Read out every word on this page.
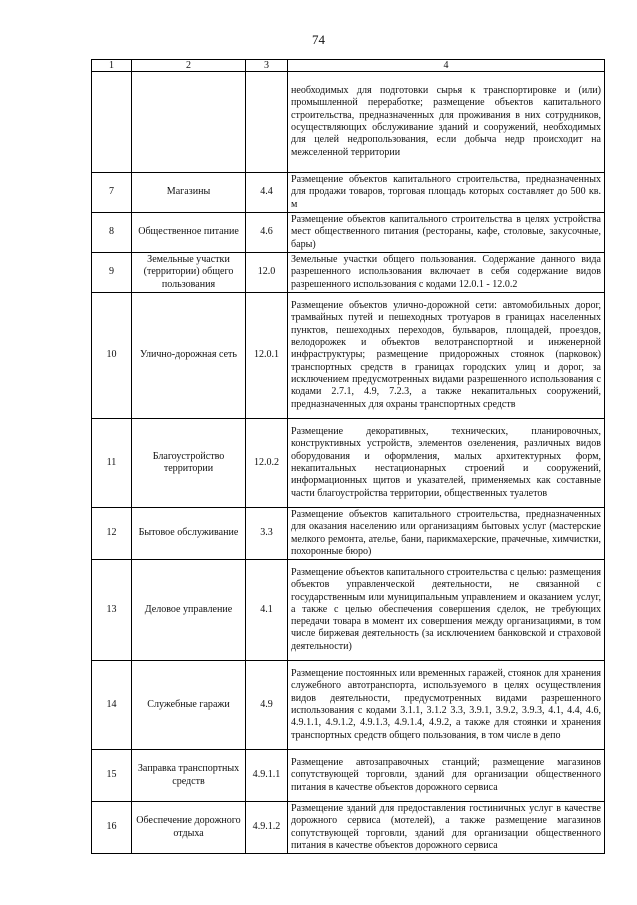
74
1	2	3	4
			необходимых для подготовки сырья к транспортировке и (или) промышленной переработке; размещение объектов капитального строительства, предназначенных для проживания в них сотрудников, осуществляющих обслуживание зданий и сооружений, необходимых для целей недропользования, если добыча недр происходит на межселенной территории
7	Магазины	4.4	Размещение объектов капитального строительства, предназначенных для продажи товаров, торговая площадь которых составляет до 500 кв. м
8	Общественное питание	4.6	Размещение объектов капитального строительства в целях устройства мест общественного питания (рестораны, кафе, столовые, закусочные, бары)
9	Земельные участки (территории) общего пользования	12.0	Земельные участки общего пользования. Содержание данного вида разрешенного использования включает в себя содержание видов разрешенного использования с кодами 12.0.1 - 12.0.2
10	Улично-дорожная сеть	12.0.1	Размещение объектов улично-дорожной сети: автомобильных дорог, трамвайных путей и пешеходных тротуаров в границах населенных пунктов, пешеходных переходов, бульваров, площадей, проездов, велодорожек и объектов велотранспортной и инженерной инфраструктуры; размещение придорожных стоянок (парковок) транспортных средств в границах городских улиц и дорог, за исключением предусмотренных видами разрешенного использования с кодами 2.7.1, 4.9, 7.2.3, а также некапитальных сооружений, предназначенных для охраны транспортных средств
11	Благоустройство территории	12.0.2	Размещение декоративных, технических, планировочных, конструктивных устройств, элементов озеленения, различных видов оборудования и оформления, малых архитектурных форм, некапитальных нестационарных строений и сооружений, информационных щитов и указателей, применяемых как составные части благоустройства территории, общественных туалетов
12	Бытовое обслуживание	3.3	Размещение объектов капитального строительства, предназначенных для оказания населению или организациям бытовых услуг (мастерские мелкого ремонта, ателье, бани, парикмахерские, прачечные, химчистки, похоронные бюро)
13	Деловое управление	4.1	Размещение объектов капитального строительства с целью: размещения объектов управленческой деятельности, не связанной с государственным или муниципальным управлением и оказанием услуг, а также с целью обеспечения совершения сделок, не требующих передачи товара в момент их совершения между организациями, в том числе биржевая деятельность (за исключением банковской и страховой деятельности)
14	Служебные гаражи	4.9	Размещение постоянных или временных гаражей, стоянок для хранения служебного автотранспорта, используемого в целях осуществления видов деятельности, предусмотренных видами разрешенного использования с кодами 3.1.1, 3.1.2 3.3, 3.9.1, 3.9.2, 3.9.3, 4.1, 4.4, 4.6, 4.9.1.1, 4.9.1.2, 4.9.1.3, 4.9.1.4, 4.9.2, а также для стоянки и хранения транспортных средств общего пользования, в том числе в депо
15	Заправка транспортных средств	4.9.1.1	Размещение автозаправочных станций; размещение магазинов сопутствующей торговли, зданий для организации общественного питания в качестве объектов дорожного сервиса
16	Обеспечение дорожного отдыха	4.9.1.2	Размещение зданий для предоставления гостиничных услуг в качестве дорожного сервиса (мотелей), а также размещение магазинов сопутствующей торговли, зданий для организации общественного питания в качестве объектов дорожного сервиса
